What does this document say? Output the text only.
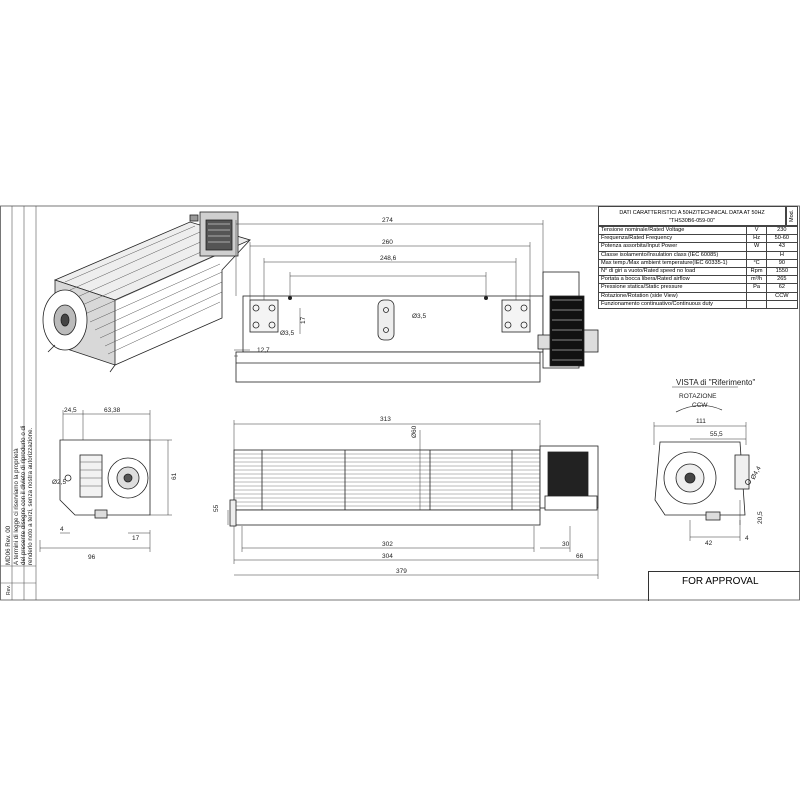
MD06 Rev. 00 A termini di legge ci riserviamo la proprietà del presente disegno con il divieto di riprodurlo o di renderlo noto a terzi, senza nostra autorizzazione.
Rev.
274
260
248,6
17
12,7
Ø3,5
Ø3,5
24,5	63,38
61
96
17
4
Ø2,5
313
302
304
379
30
66
55
Ø60
VISTA di "Riferimento"
ROTAZIONE
CCW
111
55,5
42
4
20,5
Ø4,4
DATI CARATTERISTICI A 50HZ/TECHNICAL DATA AT 50HZ
"THS30B6-059-00"	Mod.
Tensione nominale/Rated Voltage	V	230
Frequenza/Rated Frequency	Hz	50-60
Potenza assorbita/Input Power	W	43
Classe isolamento/Insulation class (IEC 60085)		H
Max temp./Max ambient temperature(IEC 60335-1)	°C	90
N° di giri a vuoto/Rated speed no load	Rpm	1550
Portata a bocca libera/Rated airflow	m³/h	265
Pressione statica/Static pressure	Pa	62
Rotazione/Rotation (side View)		CCW
Funzionamento continuativo/Continuous duty		
FOR APPROVAL
